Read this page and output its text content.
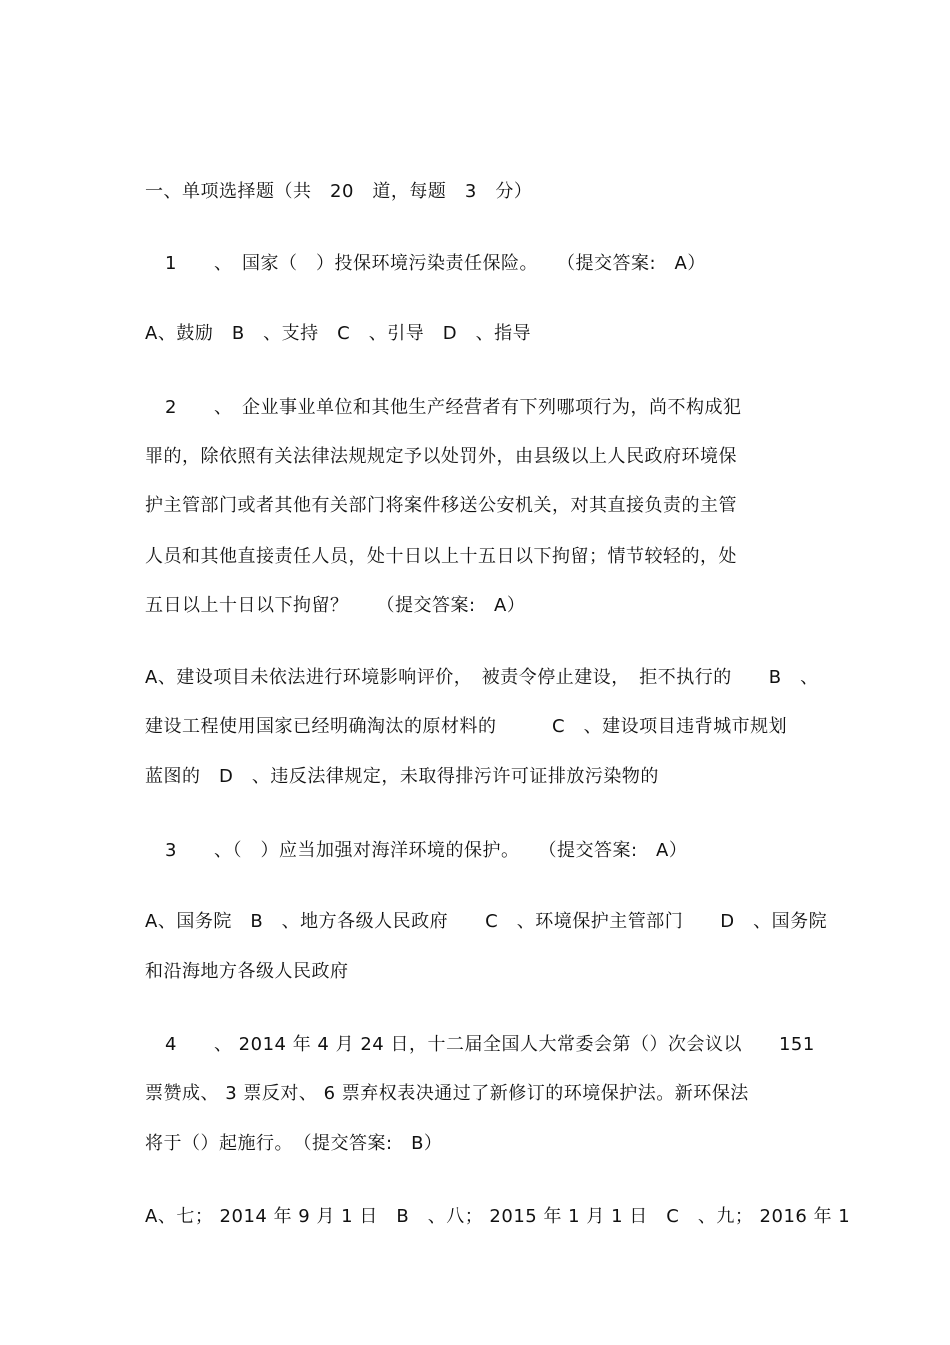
一、单项选择题（共　20　道，每题　3　分）
1　　、　国家（　）投保环境污染责任保险。　　（提交答案:　A）
A、鼓励　B　、支持　C　、引导　D　、指导
2　　、　企业事业单位和其他生产经营者有下列哪项行为，尚不构成犯
罪的，除依照有关法律法规规定予以处罚外，由县级以上人民政府环境保
护主管部门或者其他有关部门将案件移送公安机关，对其直接负责的主管
人员和其他直接责任人员，处十日以上十五日以下拘留；情节较轻的，处
五日以上十日以下拘留？　　（提交答案:　A）
A、建设项目未依法进行环境影响评价，　被责令停止建设，　拒不执行的　　B　、
建设工程使用国家已经明确淘汰的原材料的　　　C　、建设项目违背城市规划
蓝图的　D　、违反法律规定，未取得排污许可证排放污染物的
3　　、（　）应当加强对海洋环境的保护。　　（提交答案:　A）
A、国务院　B　、地方各级人民政府　　C　、环境保护主管部门　　D　、国务院
和沿海地方各级人民政府
4　　、 2014 年 4 月 24 日，十二届全国人大常委会第（）次会议以　　151
票赞成、 3 票反对、 6 票弃权表决通过了新修订的环境保护法。新环保法
将于（）起施行。　（提交答案:　B）
A、七； 2014 年 9 月 1 日　B　、八； 2015 年 1 月 1 日　C　、九； 2016 年 1
